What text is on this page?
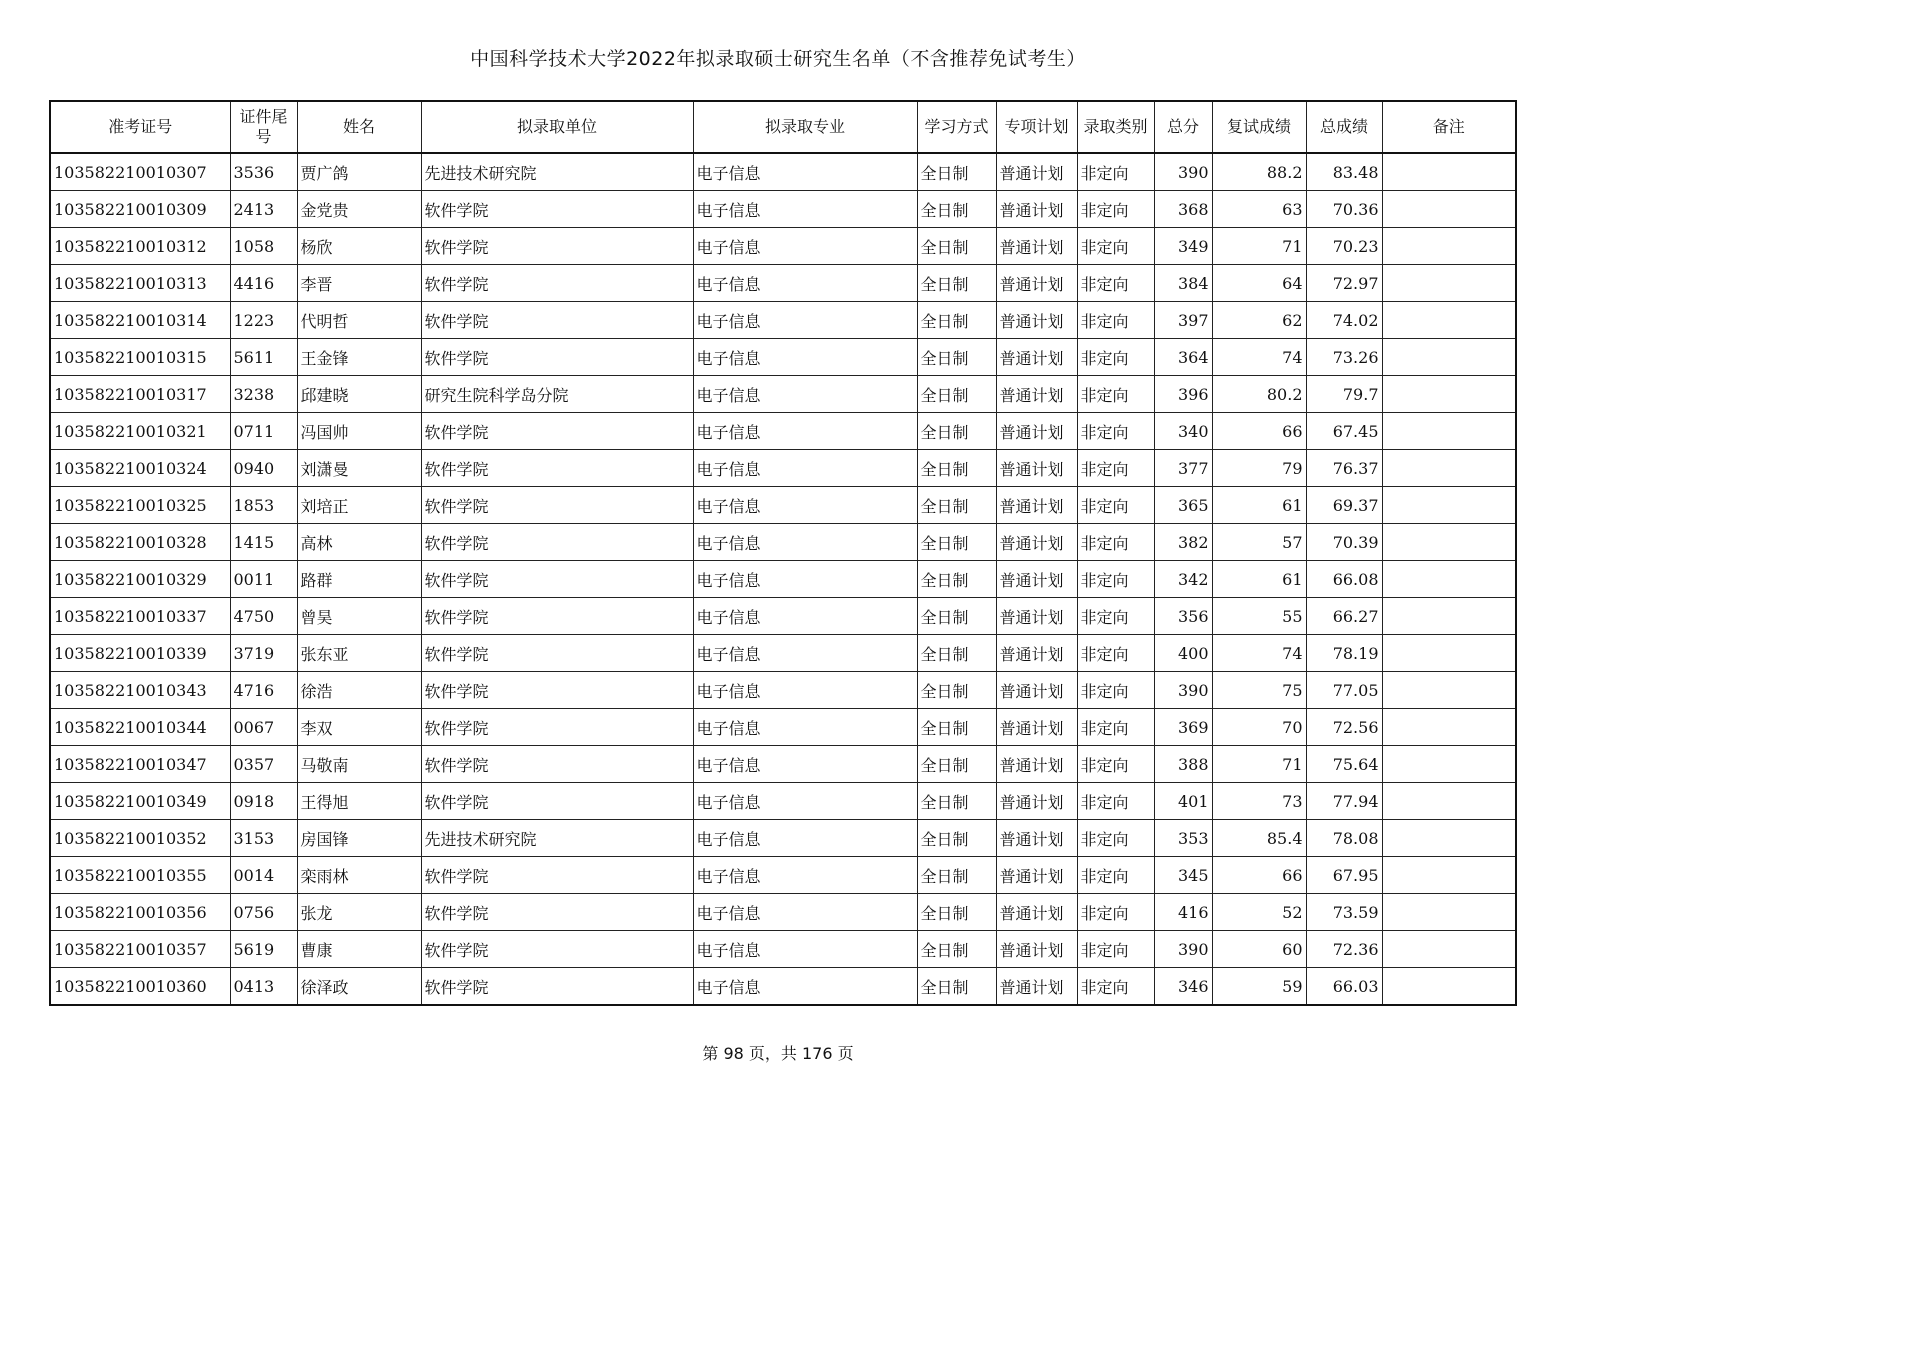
中国科学技术大学2022年拟录取硕士研究生名单（不含推荐免试考生）
准考证号	证件尾号	姓名	拟录取单位	拟录取专业	学习方式	专项计划	录取类别	总分	复试成绩	总成绩	备注
103582210010307	3536	贾广鸽	先进技术研究院	电子信息	全日制	普通计划	非定向	390	88.2	83.48	
103582210010309	2413	金党贵	软件学院	电子信息	全日制	普通计划	非定向	368	63	70.36	
103582210010312	1058	杨欣	软件学院	电子信息	全日制	普通计划	非定向	349	71	70.23	
103582210010313	4416	李晋	软件学院	电子信息	全日制	普通计划	非定向	384	64	72.97	
103582210010314	1223	代明哲	软件学院	电子信息	全日制	普通计划	非定向	397	62	74.02	
103582210010315	5611	王金锋	软件学院	电子信息	全日制	普通计划	非定向	364	74	73.26	
103582210010317	3238	邱建晓	研究生院科学岛分院	电子信息	全日制	普通计划	非定向	396	80.2	79.7	
103582210010321	0711	冯国帅	软件学院	电子信息	全日制	普通计划	非定向	340	66	67.45	
103582210010324	0940	刘潇曼	软件学院	电子信息	全日制	普通计划	非定向	377	79	76.37	
103582210010325	1853	刘培正	软件学院	电子信息	全日制	普通计划	非定向	365	61	69.37	
103582210010328	1415	高林	软件学院	电子信息	全日制	普通计划	非定向	382	57	70.39	
103582210010329	0011	路群	软件学院	电子信息	全日制	普通计划	非定向	342	61	66.08	
103582210010337	4750	曾昊	软件学院	电子信息	全日制	普通计划	非定向	356	55	66.27	
103582210010339	3719	张东亚	软件学院	电子信息	全日制	普通计划	非定向	400	74	78.19	
103582210010343	4716	徐浩	软件学院	电子信息	全日制	普通计划	非定向	390	75	77.05	
103582210010344	0067	李双	软件学院	电子信息	全日制	普通计划	非定向	369	70	72.56	
103582210010347	0357	马敬南	软件学院	电子信息	全日制	普通计划	非定向	388	71	75.64	
103582210010349	0918	王得旭	软件学院	电子信息	全日制	普通计划	非定向	401	73	77.94	
103582210010352	3153	房国锋	先进技术研究院	电子信息	全日制	普通计划	非定向	353	85.4	78.08	
103582210010355	0014	栾雨林	软件学院	电子信息	全日制	普通计划	非定向	345	66	67.95	
103582210010356	0756	张龙	软件学院	电子信息	全日制	普通计划	非定向	416	52	73.59	
103582210010357	5619	曹康	软件学院	电子信息	全日制	普通计划	非定向	390	60	72.36	
103582210010360	0413	徐泽政	软件学院	电子信息	全日制	普通计划	非定向	346	59	66.03	
第 98 页，共 176 页
